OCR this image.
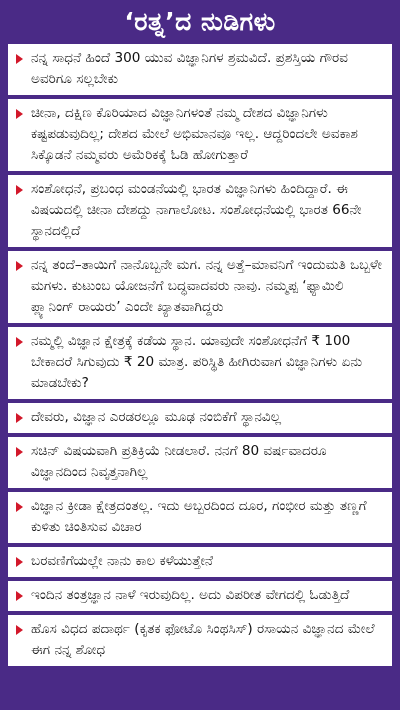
‘ರತ್ನ’ದ ನುಡಿಗಳು
ನನ್ನ ಸಾಧನೆ ಹಿಂದೆ 300 ಯುವ ವಿಜ್ಞಾನಿಗಳ ಶ್ರಮವಿದೆ. ಪ್ರಶಸ್ತಿಯ ಗೌರವ ಅವರಿಗೂ ಸಲ್ಲಬೇಕು
ಚೀನಾ, ದಕ್ಷಿಣ ಕೊರಿಯಾದ ವಿಜ್ಞಾನಿಗಳಂತೆ ನಮ್ಮ ದೇಶದ ವಿಜ್ಞಾನಿಗಳು ಕಷ್ಟಪಡುವುದಿಲ್ಲ; ದೇಶದ ಮೇಲೆ ಅಭಿಮಾನವೂ ಇಲ್ಲ. ಆದ್ದರಿಂದಲೇ ಅವಕಾಶ ಸಿಕ್ಕೊಡನೆ ನಮ್ಮವರು ಅಮೆರಿಕಕ್ಕೆ ಓಡಿ ಹೋಗುತ್ತಾರೆ
ಸಂಶೋಧನೆ, ಪ್ರಬಂಧ ಮಂಡನೆಯಲ್ಲಿ ಭಾರತ ವಿಜ್ಞಾನಿಗಳು ಹಿಂದಿದ್ದಾರೆ. ಈ ವಿಷಯದಲ್ಲಿ ಚೀನಾ ದೇಶದ್ದು ನಾಗಾಲೋಟ. ಸಂಶೋಧನೆಯಲ್ಲಿ ಭಾರತ 66ನೇ ಸ್ಥಾನದಲ್ಲಿದೆ
ನನ್ನ ತಂದೆ–ತಾಯಿಗೆ ನಾನೊಬ್ಬನೇ ಮಗ. ನನ್ನ ಅತ್ತೆ–ಮಾವನಿಗೆ ಇಂದುಮತಿ ಒಬ್ಬಳೇ ಮಗಳು. ಕುಟುಂಬ ಯೋಜನೆಗೆ ಬದ್ಧವಾದವರು ನಾವು. ನಮ್ಮಪ್ಪ ‘ಫ್ಯಾಮಿಲಿ ಪ್ಲ್ಯಾನಿಂಗ್ ರಾಯರು’ ಎಂದೇ ಖ್ಯಾತವಾಗಿದ್ದರು
ನಮ್ಮಲ್ಲಿ ವಿಜ್ಞಾನ ಕ್ಷೇತ್ರಕ್ಕೆ ಕಡೆಯ ಸ್ಥಾನ. ಯಾವುದೇ ಸಂಶೋಧನೆಗೆ ₹ 100 ಬೇಕಾದರೆ ಸಿಗುವುದು ₹ 20 ಮಾತ್ರ. ಪರಿಸ್ಥಿತಿ ಹೀಗಿರುವಾಗ ವಿಜ್ಞಾನಿಗಳು ಏನು ಮಾಡಬೇಕು?
ದೇವರು, ವಿಜ್ಞಾನ ಎರಡರಲ್ಲೂ ಮೂಢ ನಂಬಿಕೆಗೆ ಸ್ಥಾನವಿಲ್ಲ
ಸಚಿನ್ ವಿಷಯವಾಗಿ ಪ್ರತಿಕ್ರಿಯೆ ನೀಡಲಾರೆ. ನನಗೆ 80 ವರ್ಷವಾದರೂ ವಿಜ್ಞಾನದಿಂದ ನಿವೃತ್ತನಾಗಿಲ್ಲ
ವಿಜ್ಞಾನ ಕ್ರೀಡಾ ಕ್ಷೇತ್ರದಂತಲ್ಲ. ಇದು ಅಬ್ಬರದಿಂದ ದೂರ, ಗಂಭೀರ ಮತ್ತು ತಣ್ಣಗೆ ಕುಳಿತು ಚಿಂತಿಸುವ ವಿಚಾರ
ಬರವಣಿಗೆಯಲ್ಲೇ ನಾನು ಕಾಲ ಕಳೆಯುತ್ತೇನೆ
ಇಂದಿನ ತಂತ್ರಜ್ಞಾನ ನಾಳೆ ಇರುವುದಿಲ್ಲ. ಅದು ವಿಪರೀತ ವೇಗದಲ್ಲಿ ಓಡುತ್ತಿದೆ
ಹೊಸ ವಿಧದ ಪದಾರ್ಥ (ಕೃತಕ ಫೋಟೊ ಸಿಂಥಸಿಸ್) ರಸಾಯನ ವಿಜ್ಞಾನದ ಮೇಲೆ ಈಗ ನನ್ನ ಶೋಧ
